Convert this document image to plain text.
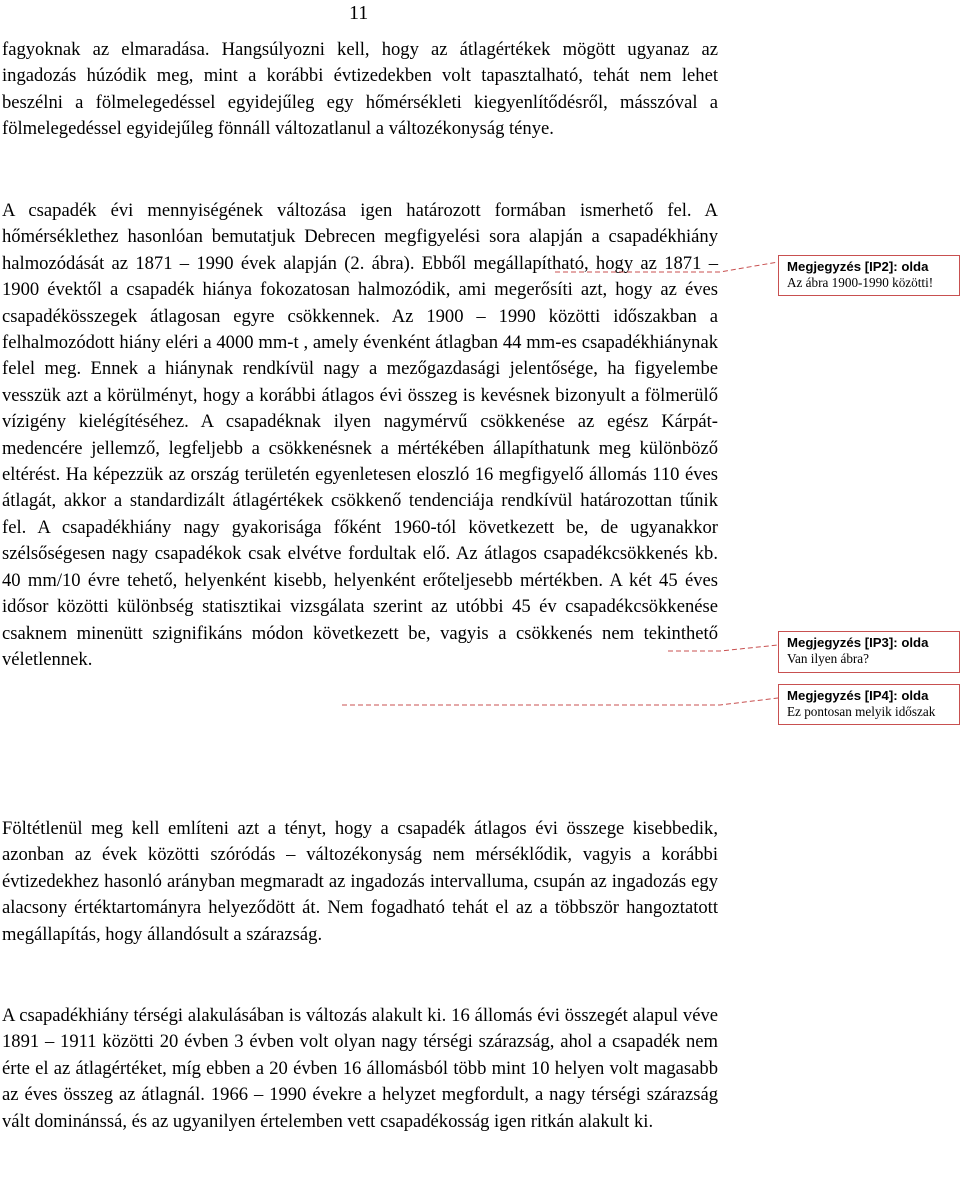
11

fagyoknak az elmaradása. Hangsúlyozni kell, hogy az átlagértékek mögött ugyanaz az ingadozás húzódik meg, mint a korábbi évtizedekben volt tapasztalható, tehát nem lehet beszélni a fölmelegedéssel egyidejűleg egy hőmérsékleti kiegyenlítődésről, másszóval a fölmelegedéssel egyidejűleg fönnáll változatlanul a változékonyság ténye.

A csapadék évi mennyiségének változása igen határozott formában ismerhető fel. A hőmérséklethez hasonlóan bemutatjuk Debrecen megfigyelési sora alapján a csapadékhiány halmozódását az 1871 – 1990 évek alapján (2. ábra). Ebből megállapítható, hogy az 1871 – 1900 évektől a csapadék hiánya fokozatosan halmozódik, ami megerősíti azt, hogy az éves csapadékösszegek átlagosan egyre csökkennek. Az 1900 – 1990 közötti időszakban a felhalmozódott hiány eléri a 4000 mm-t , amely évenként átlagban 44 mm-es csapadékhiánynak felel meg. Ennek a hiánynak rendkívül nagy a mezőgazdasági jelentősége, ha figyelembe vesszük azt a körülményt, hogy a korábbi átlagos évi összeg is kevésnek bizonyult a fölmerülő vízigény kielégítéséhez. A csapadéknak ilyen nagymérvű csökkenése az egész Kárpát-medencére jellemző, legfeljebb a csökkenésnek a mértékében állapíthatunk meg különböző eltérést. Ha képezzük az ország területén egyenletesen eloszló 16 megfigyelő állomás 110 éves átlagát, akkor a standardizált átlagértékek csökkenő tendenciája rendkívül határozottan tűnik fel. A csapadékhiány nagy gyakorisága főként 1960-tól következett be, de ugyanakkor szélsőségesen nagy csapadékok csak elvétve fordultak elő. Az átlagos csapadékcsökkenés kb. 40 mm/10 évre tehető, helyenként kisebb, helyenként erőteljesebb mértékben. A két 45 éves idősor közötti különbség statisztikai vizsgálata szerint az utóbbi 45 év csapadékcsökkenése csaknem minenütt szignifikáns módon következett be, vagyis a csökkenés nem tekinthető véletlennek.

Föltétlenül meg kell említeni azt a tényt, hogy a csapadék átlagos évi összege kisebbedik, azonban az évek közötti szóródás – változékonyság nem mérséklődik, vagyis a korábbi évtizedekhez hasonló arányban megmaradt az ingadozás intervalluma, csupán az ingadozás egy alacsony értéktartományra helyeződött át. Nem fogadható tehát el az a többször hangoztatott megállapítás, hogy állandósult a szárazság.

A csapadékhiány térségi alakulásában is változás alakult ki. 16 állomás évi összegét alapul véve 1891 – 1911 közötti 20 évben 3 évben volt olyan nagy térségi szárazság, ahol a csapadék nem érte el az átlagértéket, míg ebben a 20 évben 16 állomásból több mint 10 helyen volt magasabb az éves összeg az átlagnál. 1966 – 1990 évekre a helyzet megfordult, a nagy térségi szárazság vált dominánssá, és az ugyanilyen értelemben vett csapadékosság igen ritkán alakult ki.

Megjegyzés [IP2]: olda
Az ábra 1900-1990 közötti!
Megjegyzés [IP3]: olda
Van ilyen ábra?
Megjegyzés [IP4]: olda
Ez pontosan melyik időszak
